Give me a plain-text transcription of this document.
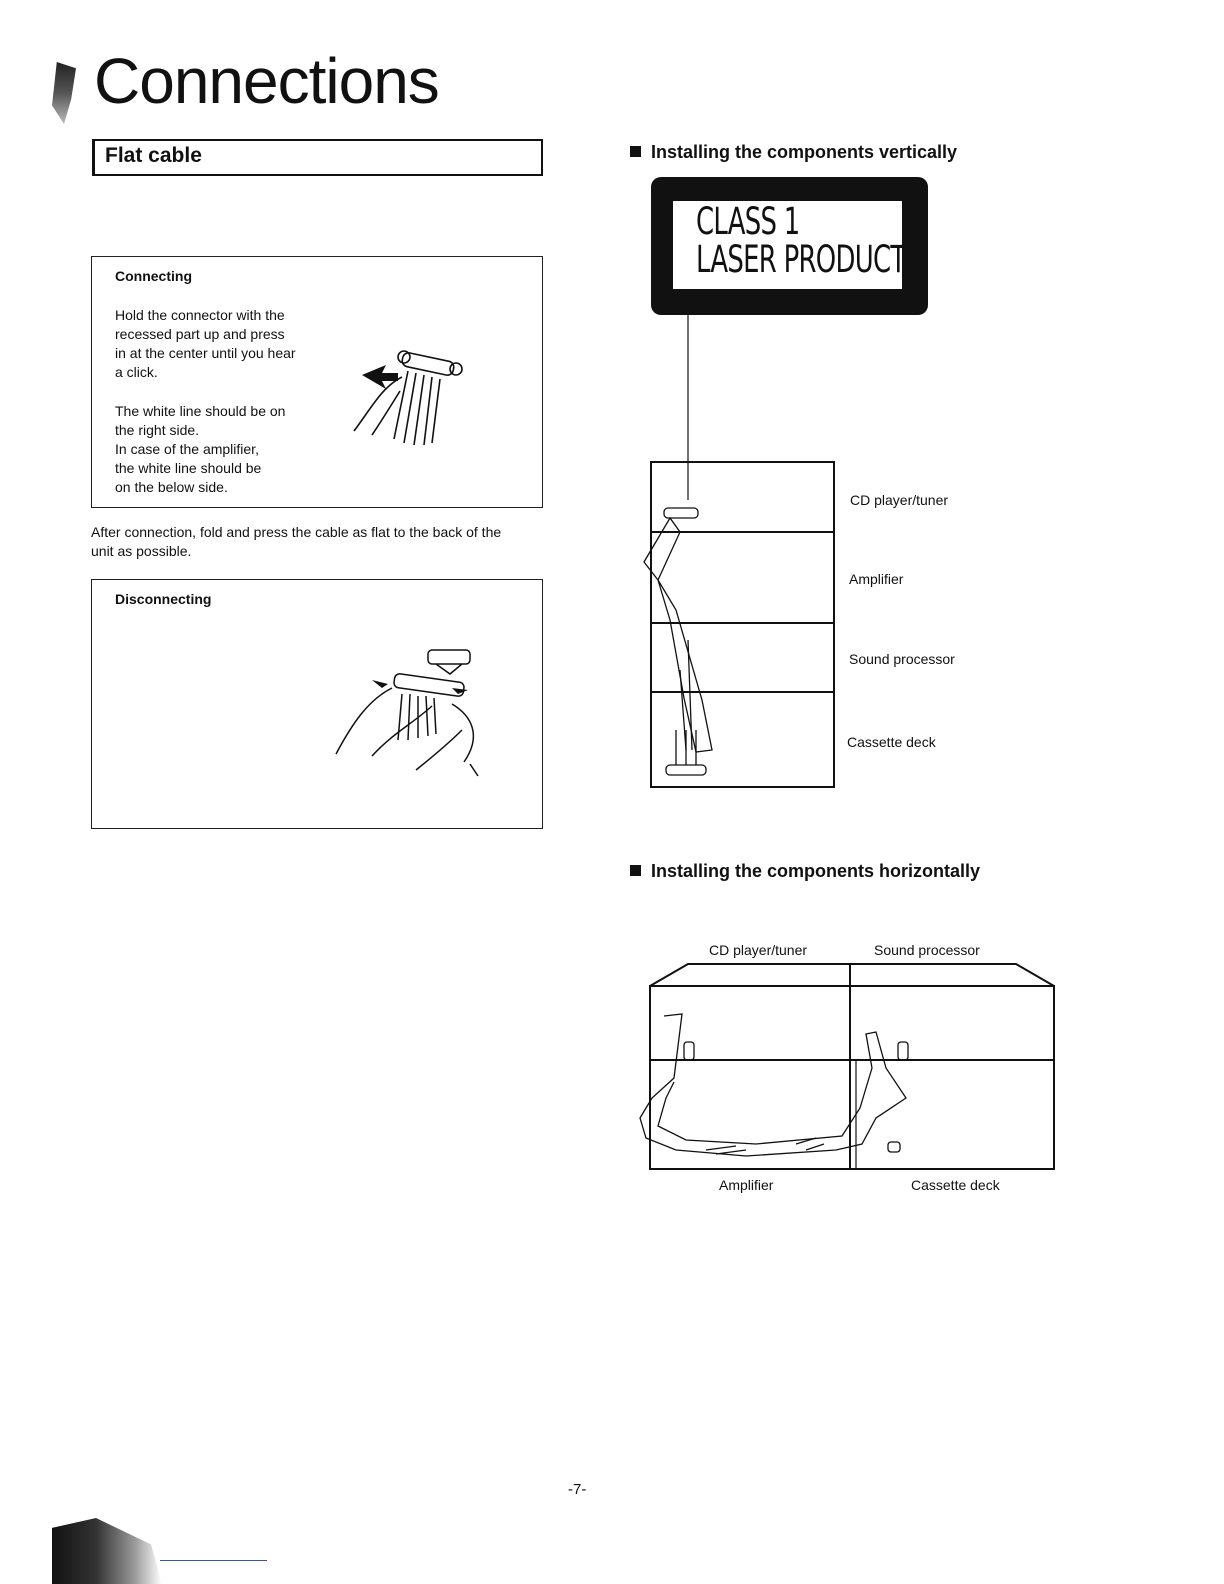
Connections
Flat cable
Connecting
Hold the connector with the
recessed part up and press
in at the center until you hear
a click.
The white line should be on
the right side.
In case of the amplifier,
the white line should be
on the below side.
After connection, fold and press the cable as flat to the back of the
unit as possible.
Disconnecting
Installing the components vertically
CLASS 1
LASER PRODUCT
CD player/tuner
Amplifier
Sound processor
Cassette deck
Installing the components horizontally
CD player/tuner	Sound processor
Amplifier	Cassette deck
-7-
